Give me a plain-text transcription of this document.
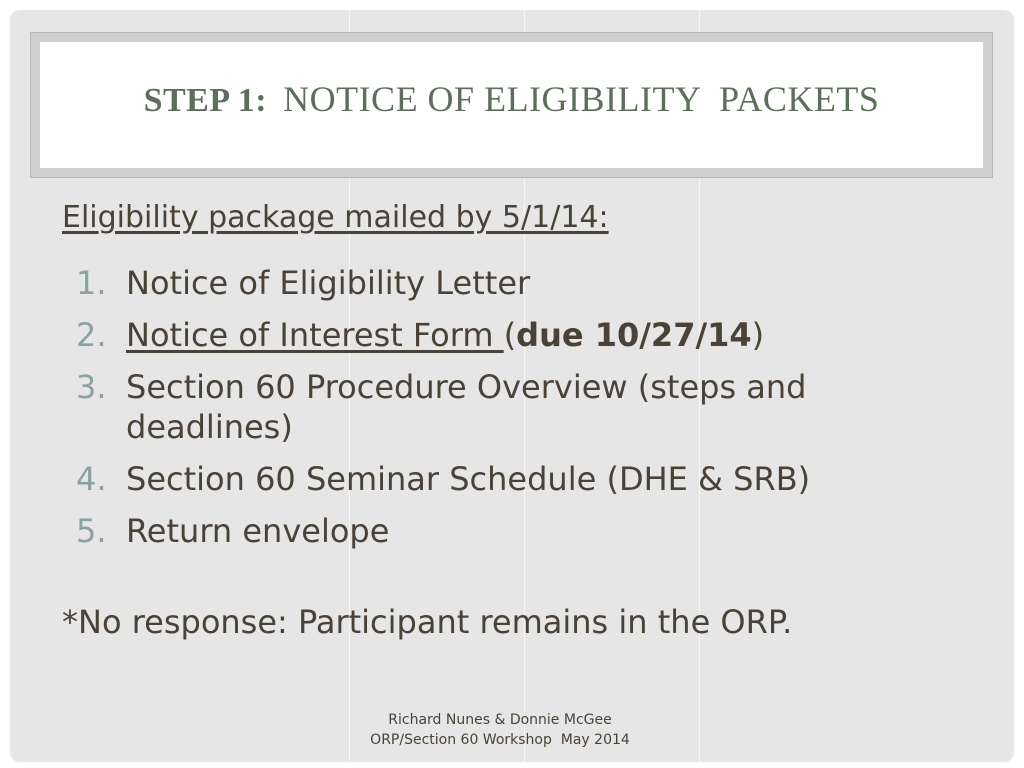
STEP 1: NOTICE OF ELIGIBILITY  PACKETS
Eligibility package mailed by 5/1/14:
1. Notice of Eligibility Letter
2. Notice of Interest Form (due 10/27/14)
3. Section 60 Procedure Overview (steps and deadlines)
4. Section 60 Seminar Schedule (DHE & SRB)
5. Return envelope
*No response: Participant remains in the ORP.
Richard Nunes & Donnie McGee
ORP/Section 60 Workshop  May 2014
